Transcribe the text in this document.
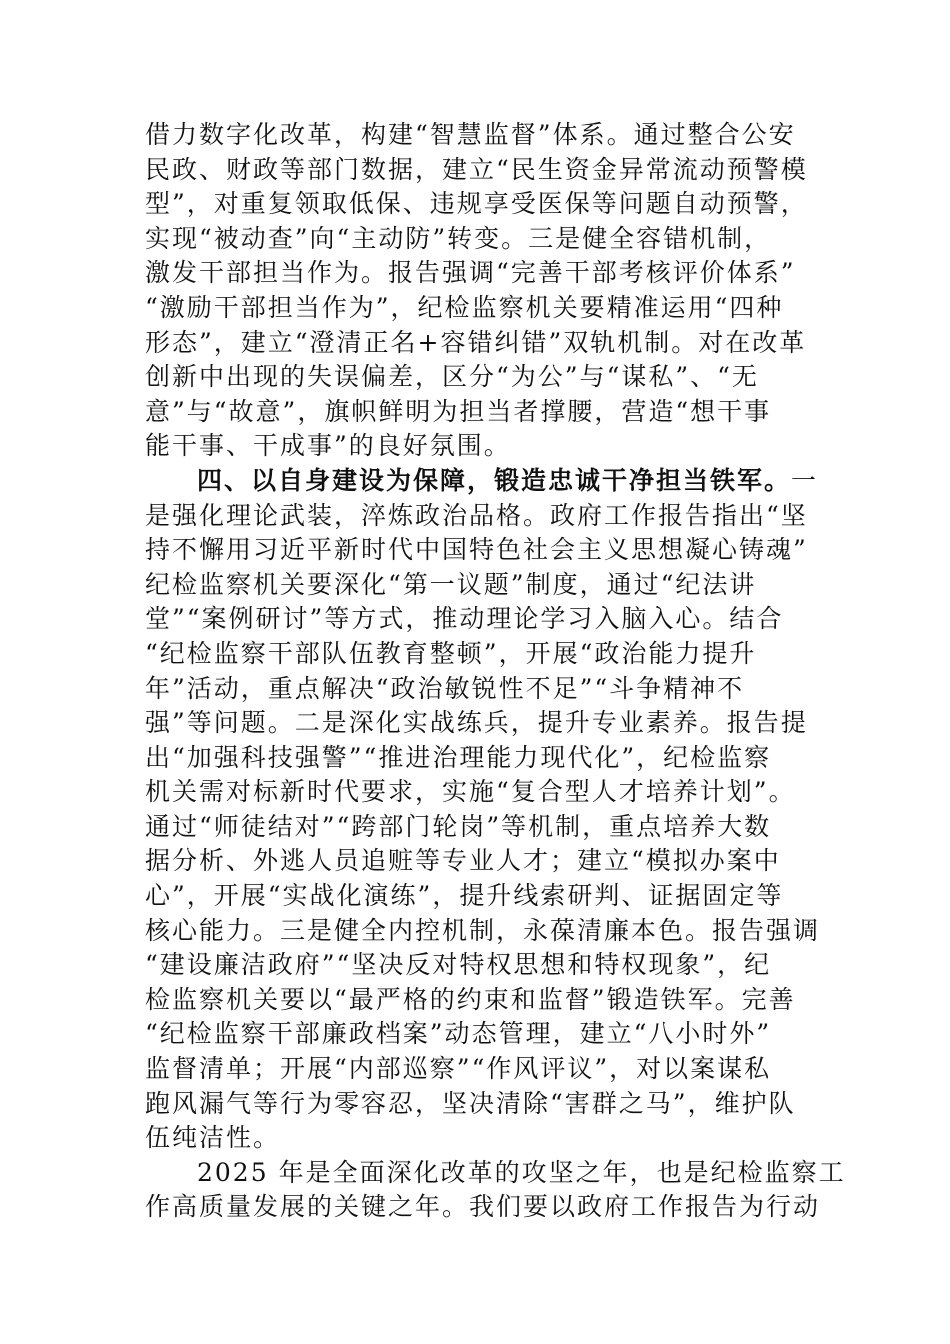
借力数字化改革，构建“智慧监督”体系。通过整合公安
民政、财政等部门数据，建立“民生资金异常流动预警模
型”，对重复领取低保、违规享受医保等问题自动预警，
实现“被动查”向“主动防”转变。三是健全容错机制，
激发干部担当作为。报告强调“完善干部考核评价体系”
“激励干部担当作为”，纪检监察机关要精准运用“四种
形态”，建立“澄清正名+容错纠错”双轨机制。对在改革
创新中出现的失误偏差，区分“为公”与“谋私”、“无
意”与“故意”，旗帜鲜明为担当者撑腰，营造“想干事
能干事、干成事”的良好氛围。
四、以自身建设为保障，锻造忠诚干净担当铁军。一
是强化理论武装，淬炼政治品格。政府工作报告指出“坚
持不懈用习近平新时代中国特色社会主义思想凝心铸魂”
纪检监察机关要深化“第一议题”制度，通过“纪法讲
堂”“案例研讨”等方式，推动理论学习入脑入心。结合
“纪检监察干部队伍教育整顿”，开展“政治能力提升
年”活动，重点解决“政治敏锐性不足”“斗争精神不
强”等问题。二是深化实战练兵，提升专业素养。报告提
出“加强科技强警”“推进治理能力现代化”，纪检监察
机关需对标新时代要求，实施“复合型人才培养计划”。
通过“师徒结对”“跨部门轮岗”等机制，重点培养大数
据分析、外逃人员追赃等专业人才；建立“模拟办案中
心”，开展“实战化演练”，提升线索研判、证据固定等
核心能力。三是健全内控机制，永葆清廉本色。报告强调
“建设廉洁政府”“坚决反对特权思想和特权现象”，纪
检监察机关要以“最严格的约束和监督”锻造铁军。完善
“纪检监察干部廉政档案”动态管理，建立“八小时外”
监督清单；开展“内部巡察”“作风评议”，对以案谋私
跑风漏气等行为零容忍，坚决清除“害群之马”，维护队
伍纯洁性。
2025 年是全面深化改革的攻坚之年，也是纪检监察工
作高质量发展的关键之年。我们要以政府工作报告为行动
